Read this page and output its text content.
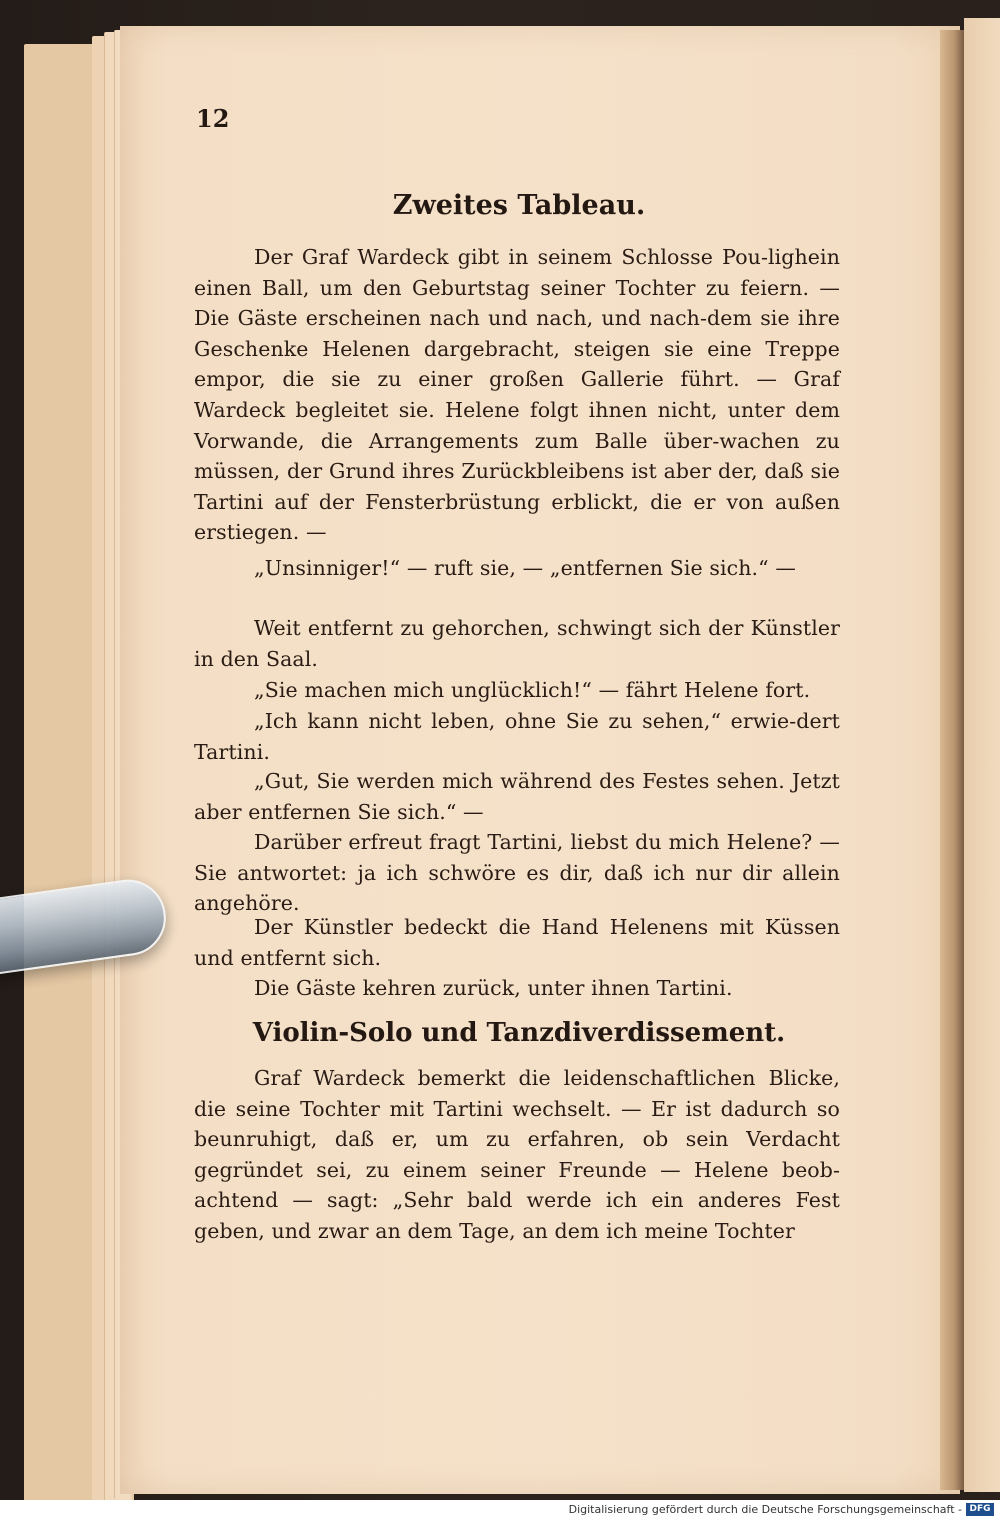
12

Zweites Tableau.

Der Graf Wardeck gibt in seinem Schlosse Pou-lighein einen Ball, um den Geburtstag seiner Tochter zu feiern. — Die Gäste erscheinen nach und nach, und nach-dem sie ihre Geschenke Helenen dargebracht, steigen sie eine Treppe empor, die sie zu einer großen Gallerie führt. — Graf Wardeck begleitet sie. Helene folgt ihnen nicht, unter dem Vorwande, die Arrangements zum Balle über-wachen zu müssen, der Grund ihres Zurückbleibens ist aber der, daß sie Tartini auf der Fensterbrüstung erblickt, die er von außen erstiegen. —

„Unsinniger!“ — ruft sie, — „entfernen Sie sich.“ —

Weit entfernt zu gehorchen, schwingt sich der Künstler in den Saal.

„Sie machen mich unglücklich!“ — fährt Helene fort.

„Ich kann nicht leben, ohne Sie zu sehen,“ erwie-dert Tartini.

„Gut, Sie werden mich während des Festes sehen. Jetzt aber entfernen Sie sich.“ —

Darüber erfreut fragt Tartini, liebst du mich Helene? — Sie antwortet: ja ich schwöre es dir, daß ich nur dir allein angehöre.

Der Künstler bedeckt die Hand Helenens mit Küssen und entfernt sich.

Die Gäste kehren zurück, unter ihnen Tartini.

Violin-Solo und Tanzdiverdissement.

Graf Wardeck bemerkt die leidenschaftlichen Blicke, die seine Tochter mit Tartini wechselt. — Er ist dadurch so beunruhigt, daß er, um zu erfahren, ob sein Verdacht gegründet sei, zu einem seiner Freunde — Helene beob-achtend — sagt: „Sehr bald werde ich ein anderes Fest geben, und zwar an dem Tage, an dem ich meine Tochter

Digitalisierung gefördert durch die Deutsche Forschungsgemeinschaft - DFG
